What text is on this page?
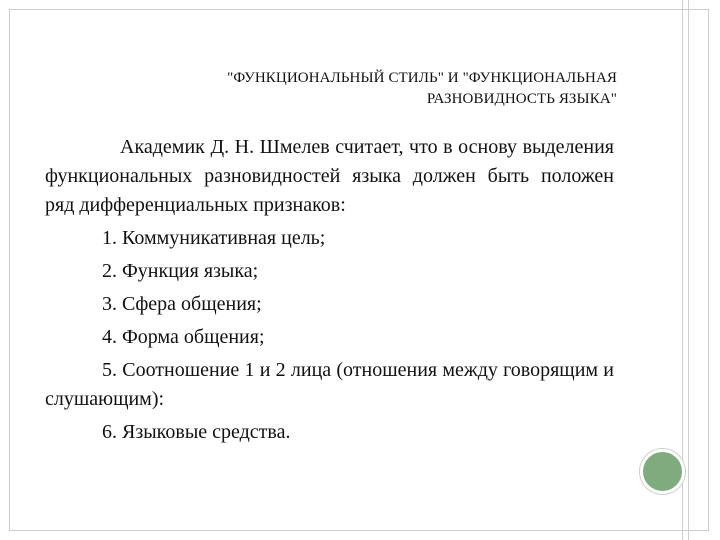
"ФУНКЦИОНАЛЬНЫЙ СТИЛЬ" И "ФУНКЦИОНАЛЬНАЯ
РАЗНОВИДНОСТЬ ЯЗЫКА"

Академик Д. Н. Шмелев считает, что в основу выделения функциональных разновидностей языка должен быть положен ряд дифференциальных признаков:

1. Коммуникативная цель;
2. Функция языка;
3. Сфера общения;
4. Форма общения;
5. Соотношение 1 и 2 лица (отношения между говорящим и слушающим):
6. Языковые средства.
